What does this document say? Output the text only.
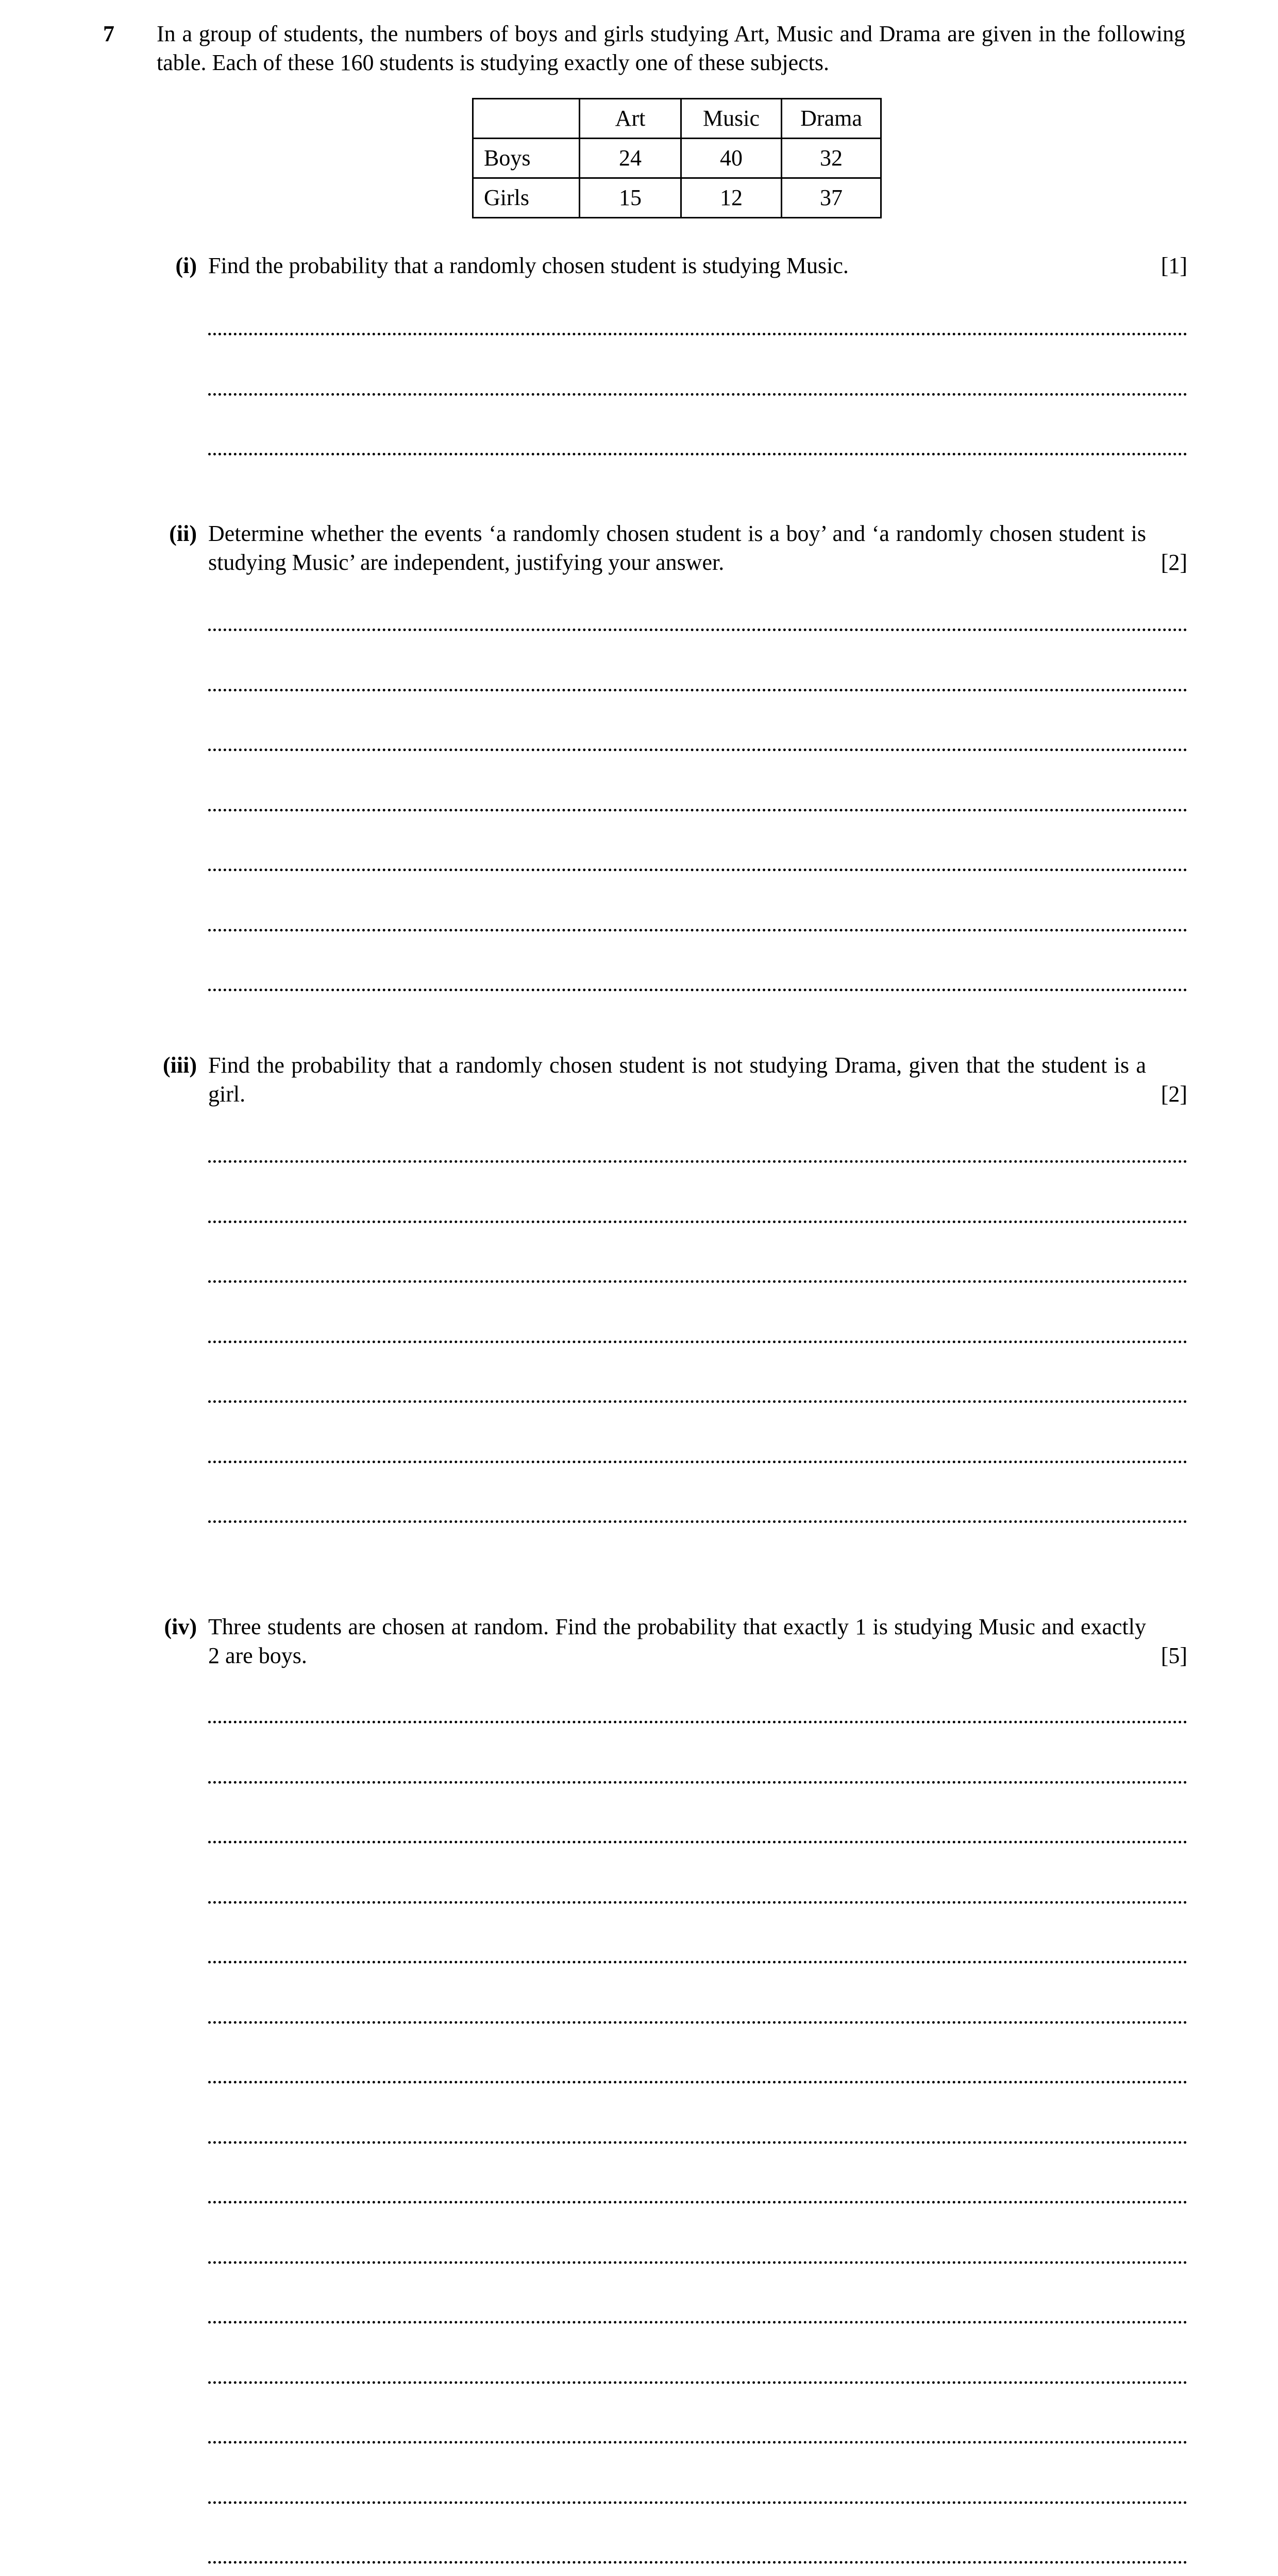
7 In a group of students, the numbers of boys and girls studying Art, Music and Drama are given in the following table. Each of these 160 students is studying exactly one of these subjects.
	Art	Music	Drama
Boys	24	40	32
Girls	15	12	37
(i) Find the probability that a randomly chosen student is studying Music.	[1]
(ii) Determine whether the events ‘a randomly chosen student is a boy’ and ‘a randomly chosen student is studying Music’ are independent, justifying your answer.	[2]
(iii) Find the probability that a randomly chosen student is not studying Drama, given that the student is a girl.	[2]
(iv) Three students are chosen at random. Find the probability that exactly 1 is studying Music and exactly 2 are boys.	[5]
